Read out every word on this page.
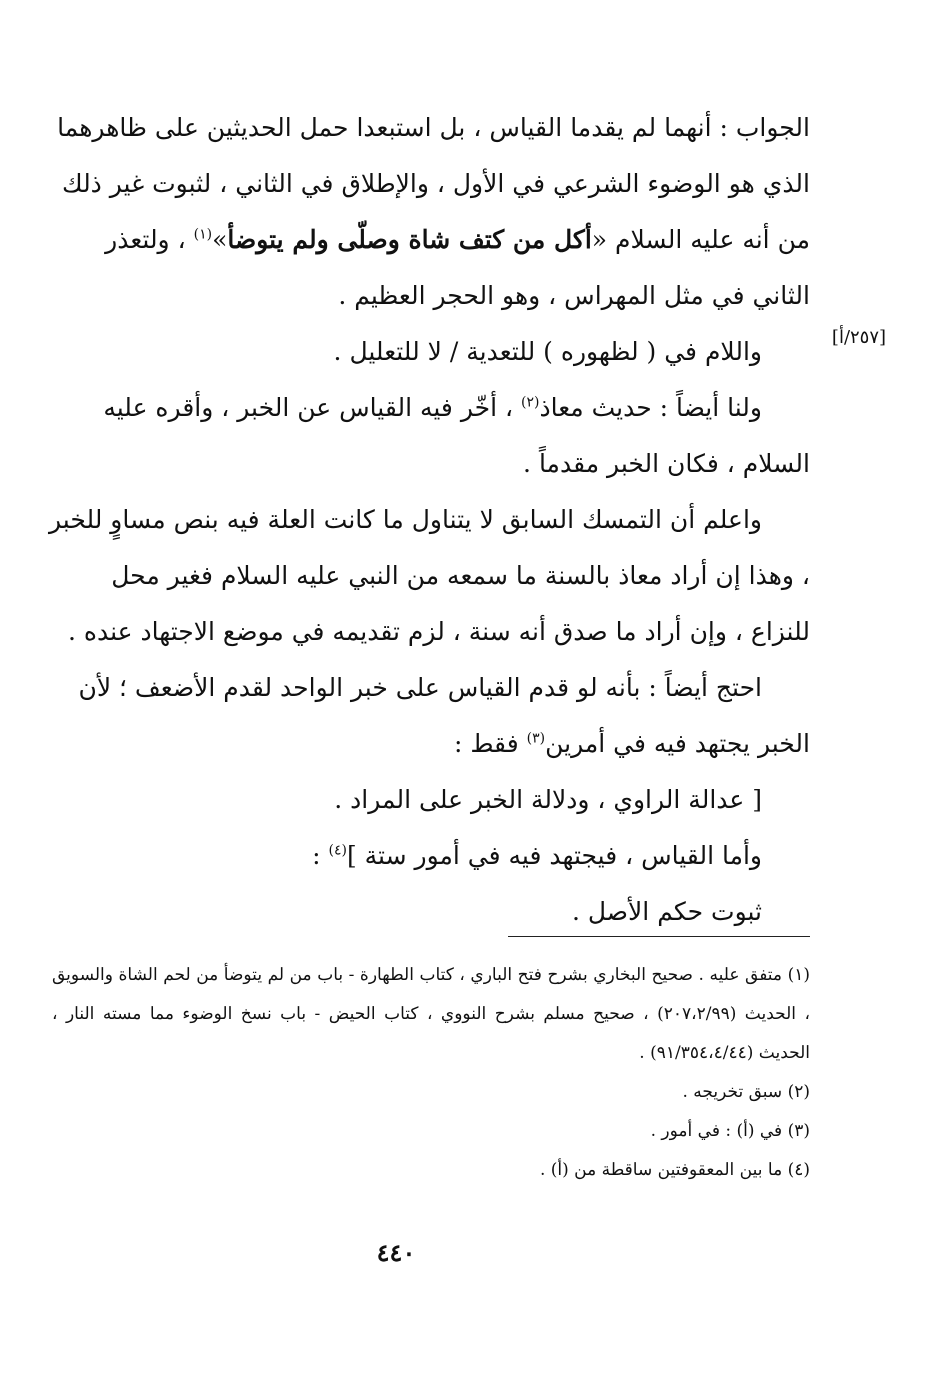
الجواب : أنهما لم يقدما القياس ، بل استبعدا حمل الحديثين على ظاهرهما الذي هو الوضوء الشرعي في الأول ، والإطلاق في الثاني ، لثبوت غير ذلك من أنه عليه السلام «أكل من كتف شاة وصلّى ولم يتوضأ»$^{(١)}$ ، ولتعذر الثاني في مثل المهراس ، وهو الحجر العظيم .

واللام في ( لظهوره ) للتعدية / لا للتعليل .

ولنا أيضاً : حديث معاذ$^{(٢)}$ ، أخّر فيه القياس عن الخبر ، وأقره عليه السلام ، فكان الخبر مقدماً .

واعلم أن التمسك السابق لا يتناول ما كانت العلة فيه بنص مساوٍ للخبر ، وهذا إن أراد معاذ بالسنة ما سمعه من النبي عليه السلام فغير محل للنزاع ، وإن أراد ما صدق أنه سنة ، لزم تقديمه في موضع الاجتهاد عنده .

احتج أيضاً : بأنه لو قدم القياس على خبر الواحد لقدم الأضعف ؛ لأن الخبر يجتهد فيه في أمرين$^{(٣)}$ فقط :

[ عدالة الراوي ، ودلالة الخبر على المراد .

وأما القياس ، فيجتهد فيه في أمور ستة ]$^{(٤)}$ :

ثبوت حكم الأصل .

[٢٥٧/أ]

(١) متفق عليه . صحيح البخاري بشرح فتح الباري ، كتاب الطهارة - باب من لم يتوضأ من لحم الشاة والسويق ، الحديث (٢٠٧،٢/٩٩) ، صحيح مسلم بشرح النووي ، كتاب الحيض - باب نسخ الوضوء مما مسته النار ، الحديث (٩١/٣٥٤،٤/٤٤) .

(٢) سبق تخريجه .

(٣) في (أ) : في أمور .

(٤) ما بين المعقوفتين ساقطة من (أ) .

٤٤٠
